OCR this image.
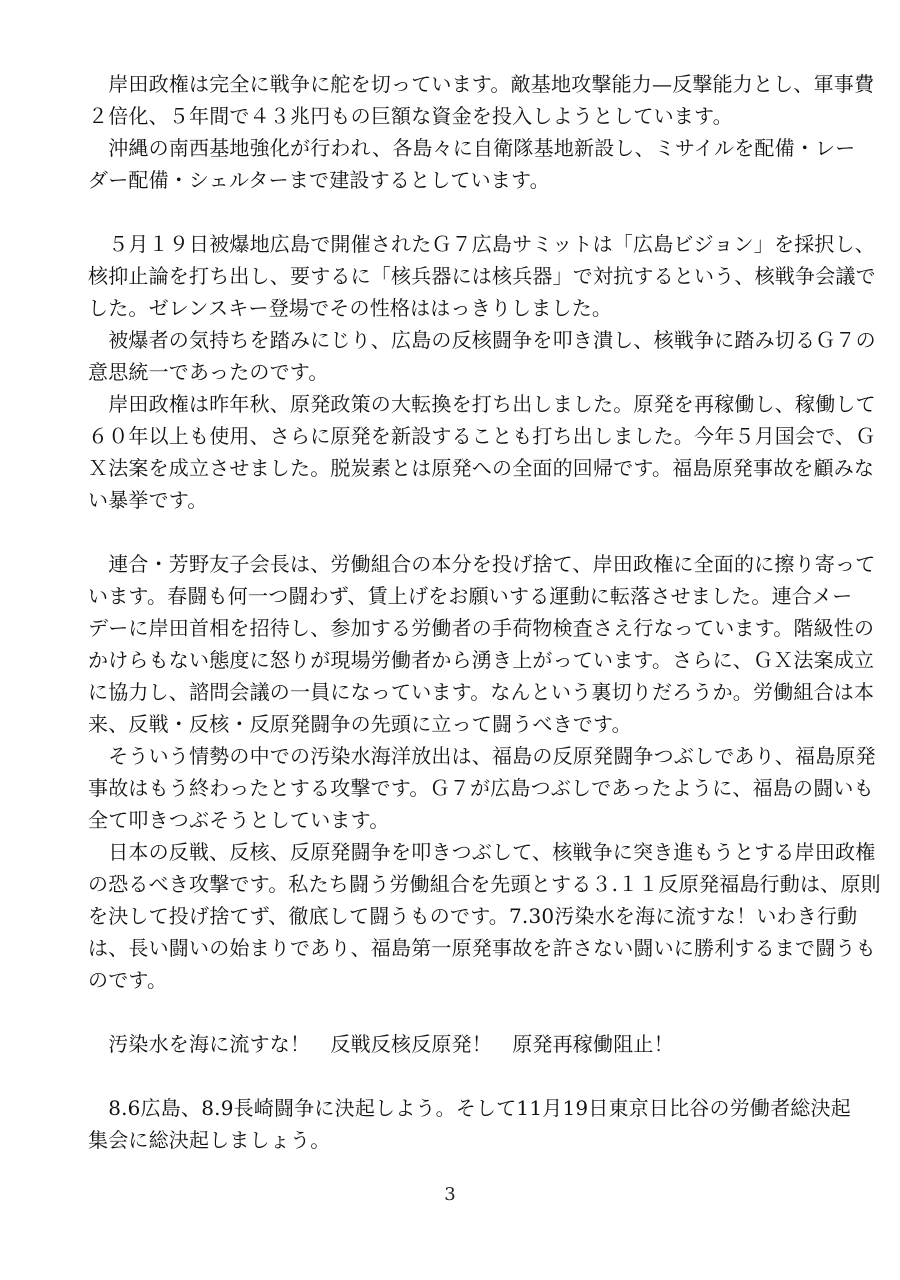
　岸田政権は完全に戦争に舵を切っています。敵基地攻撃能力—反撃能力とし、軍事費
２倍化、５年間で４３兆円もの巨額な資金を投入しようとしています。
　沖縄の南西基地強化が行われ、各島々に自衛隊基地新設し、ミサイルを配備・レー
ダー配備・シェルターまで建設するとしています。
　５月１９日被爆地広島で開催されたＧ７広島サミットは「広島ビジョン」を採択し、
核抑止論を打ち出し、要するに「核兵器には核兵器」で対抗するという、核戦争会議で
した。ゼレンスキー登場でその性格ははっきりしました。
　被爆者の気持ちを踏みにじり、広島の反核闘争を叩き潰し、核戦争に踏み切るＧ７の
意思統一であったのです。
　岸田政権は昨年秋、原発政策の大転換を打ち出しました。原発を再稼働し、稼働して
６０年以上も使用、さらに原発を新設することも打ち出しました。今年５月国会で、Ｇ
Ｘ法案を成立させました。脱炭素とは原発への全面的回帰です。福島原発事故を顧みな
い暴挙です。
　連合・芳野友子会長は、労働組合の本分を投げ捨て、岸田政権に全面的に擦り寄って
います。春闘も何一つ闘わず、賃上げをお願いする運動に転落させました。連合メー
デーに岸田首相を招待し、参加する労働者の手荷物検査さえ行なっています。階級性の
かけらもない態度に怒りが現場労働者から湧き上がっています。さらに、ＧＸ法案成立
に協力し、諮問会議の一員になっています。なんという裏切りだろうか。労働組合は本
来、反戦・反核・反原発闘争の先頭に立って闘うべきです。
　そういう情勢の中での汚染水海洋放出は、福島の反原発闘争つぶしであり、福島原発
事故はもう終わったとする攻撃です。Ｇ７が広島つぶしであったように、福島の闘いも
全て叩きつぶそうとしています。
　日本の反戦、反核、反原発闘争を叩きつぶして、核戦争に突き進もうとする岸田政権
の恐るべき攻撃です。私たち闘う労働組合を先頭とする３.１１反原発福島行動は、原則
を決して投げ捨てず、徹底して闘うものです。7.30汚染水を海に流すな！いわき行動
は、長い闘いの始まりであり、福島第一原発事故を許さない闘いに勝利するまで闘うも
のです。
　汚染水を海に流すな！　反戦反核反原発！　原発再稼働阻止！
　8.6広島、8.9長崎闘争に決起しよう。そして11月19日東京日比谷の労働者総決起
集会に総決起しましょう。
3
